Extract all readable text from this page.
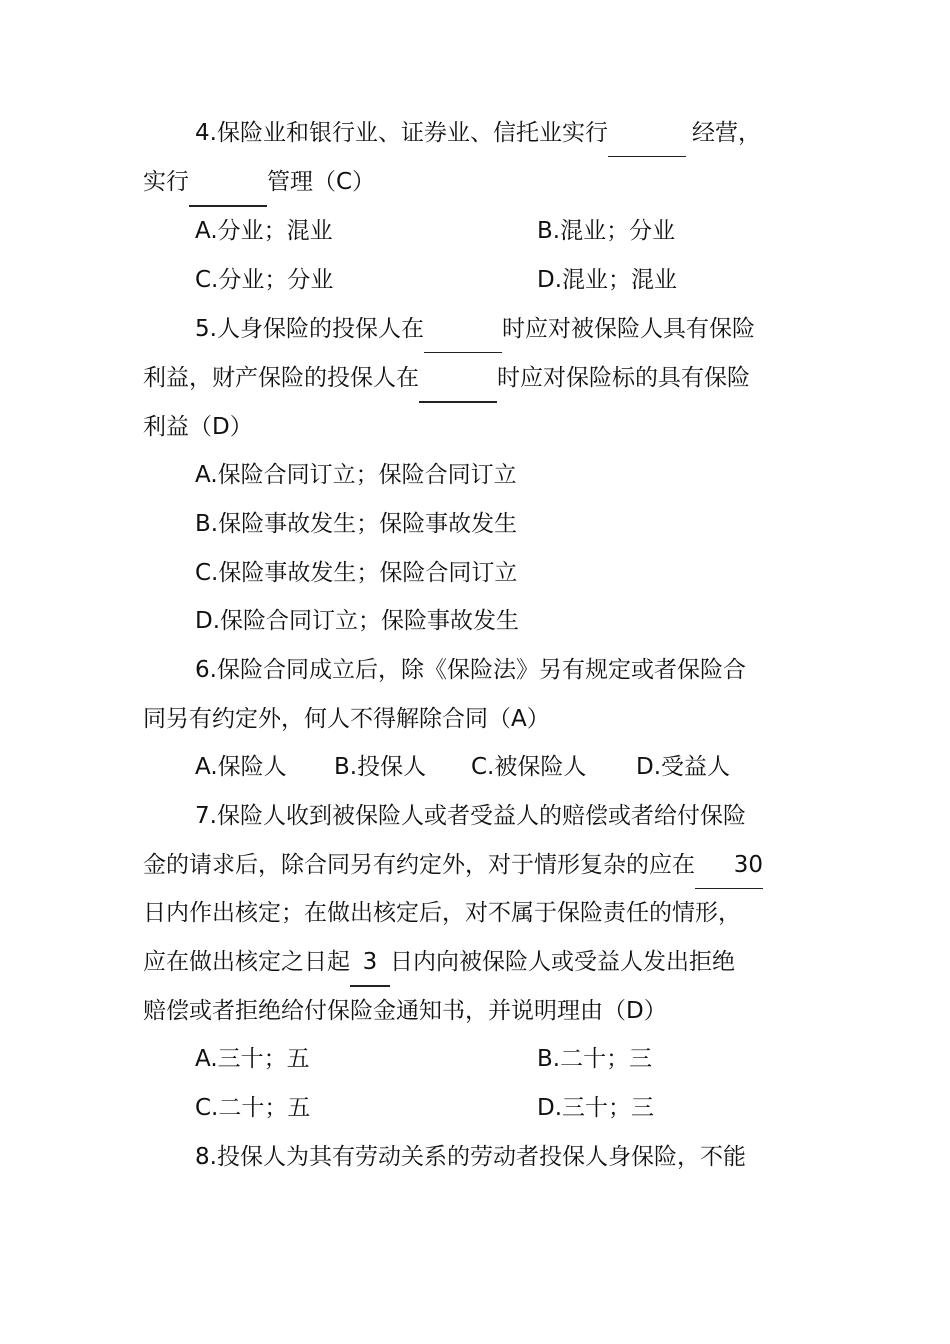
4.保险业和银行业、证券业、信托业实行	经营，
实行	管理（C）
A.分业；混业	B.混业；分业
C.分业；分业	D.混业；混业
5.人身保险的投保人在	时应对被保险人具有保险
利益，财产保险的投保人在	时应对保险标的具有保险
利益（D）
A.保险合同订立；保险合同订立
B.保险事故发生；保险事故发生
C.保险事故发生；保险合同订立
D.保险合同订立；保险事故发生
6.保险合同成立后，除《保险法》另有规定或者保险合
同另有约定外，何人不得解除合同（A）
A.保险人 B.投保人 C.被保险人 D.受益人
7.保险人收到被保险人或者受益人的赔偿或者给付保险
金的请求后，除合同另有约定外，对于情形复杂的应在 30
日内作出核定；在做出核定后，对不属于保险责任的情形，
应在做出核定之日起 3 日内向被保险人或受益人发出拒绝
赔偿或者拒绝给付保险金通知书，并说明理由（D）
A.三十；五	B.二十；三
C.二十；五	D.三十；三
8.投保人为其有劳动关系的劳动者投保人身保险，不能
